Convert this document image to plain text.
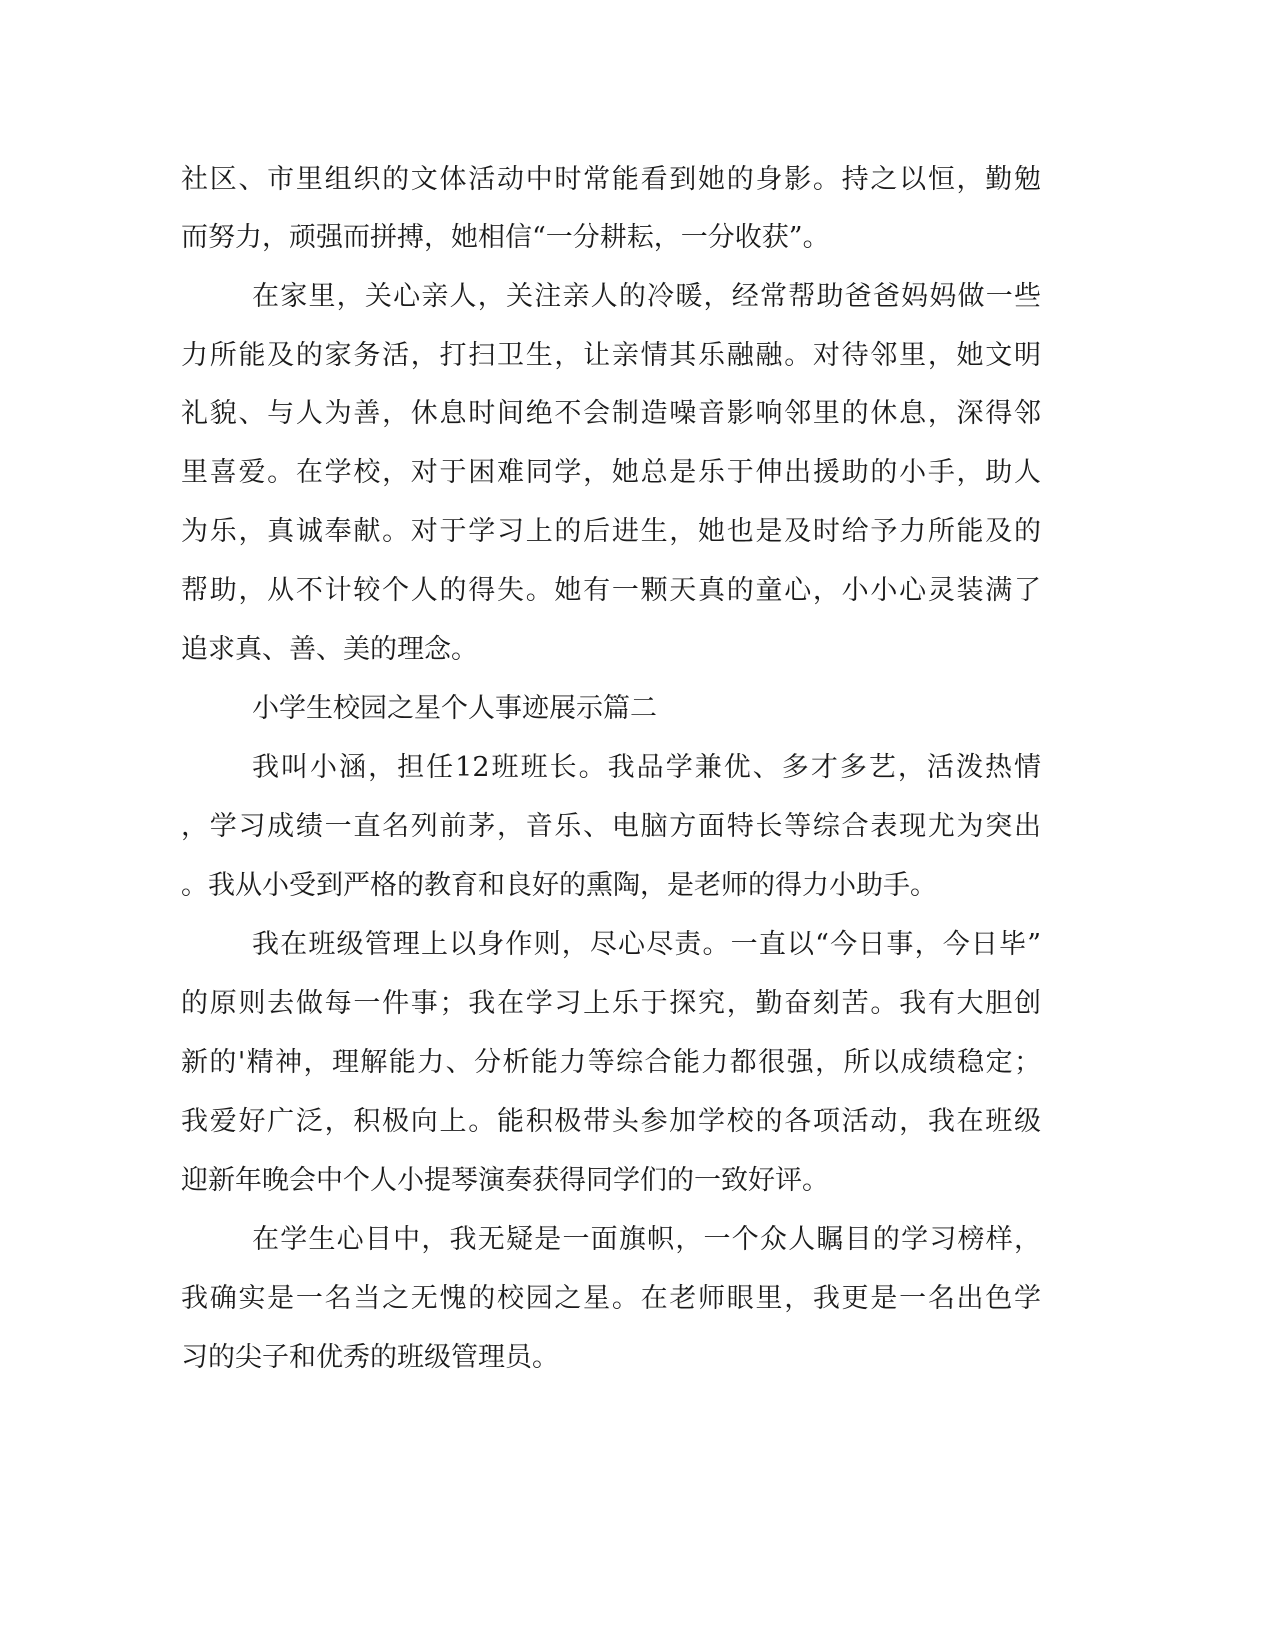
社区、市里组织的文体活动中时常能看到她的身影。持之以恒，勤勉
而努力，顽强而拼搏，她相信“一分耕耘，一分收获”。
在家里，关心亲人，关注亲人的冷暖，经常帮助爸爸妈妈做一些
力所能及的家务活，打扫卫生，让亲情其乐融融。对待邻里，她文明
礼貌、与人为善，休息时间绝不会制造噪音影响邻里的休息，深得邻
里喜爱。在学校，对于困难同学，她总是乐于伸出援助的小手，助人
为乐，真诚奉献。对于学习上的后进生，她也是及时给予力所能及的
帮助，从不计较个人的得失。她有一颗天真的童心，小小心灵装满了
追求真、善、美的理念。
小学生校园之星个人事迹展示篇二
我叫小涵，担任12班班长。我品学兼优、多才多艺，活泼热情
，学习成绩一直名列前茅，音乐、电脑方面特长等综合表现尤为突出
。我从小受到严格的教育和良好的熏陶，是老师的得力小助手。
我在班级管理上以身作则，尽心尽责。一直以“今日事，今日毕”
的原则去做每一件事；我在学习上乐于探究，勤奋刻苦。我有大胆创
新的'精神，理解能力、分析能力等综合能力都很强，所以成绩稳定；
我爱好广泛，积极向上。能积极带头参加学校的各项活动，我在班级
迎新年晚会中个人小提琴演奏获得同学们的一致好评。
在学生心目中，我无疑是一面旗帜，一个众人瞩目的学习榜样，
我确实是一名当之无愧的校园之星。在老师眼里，我更是一名出色学
习的尖子和优秀的班级管理员。
